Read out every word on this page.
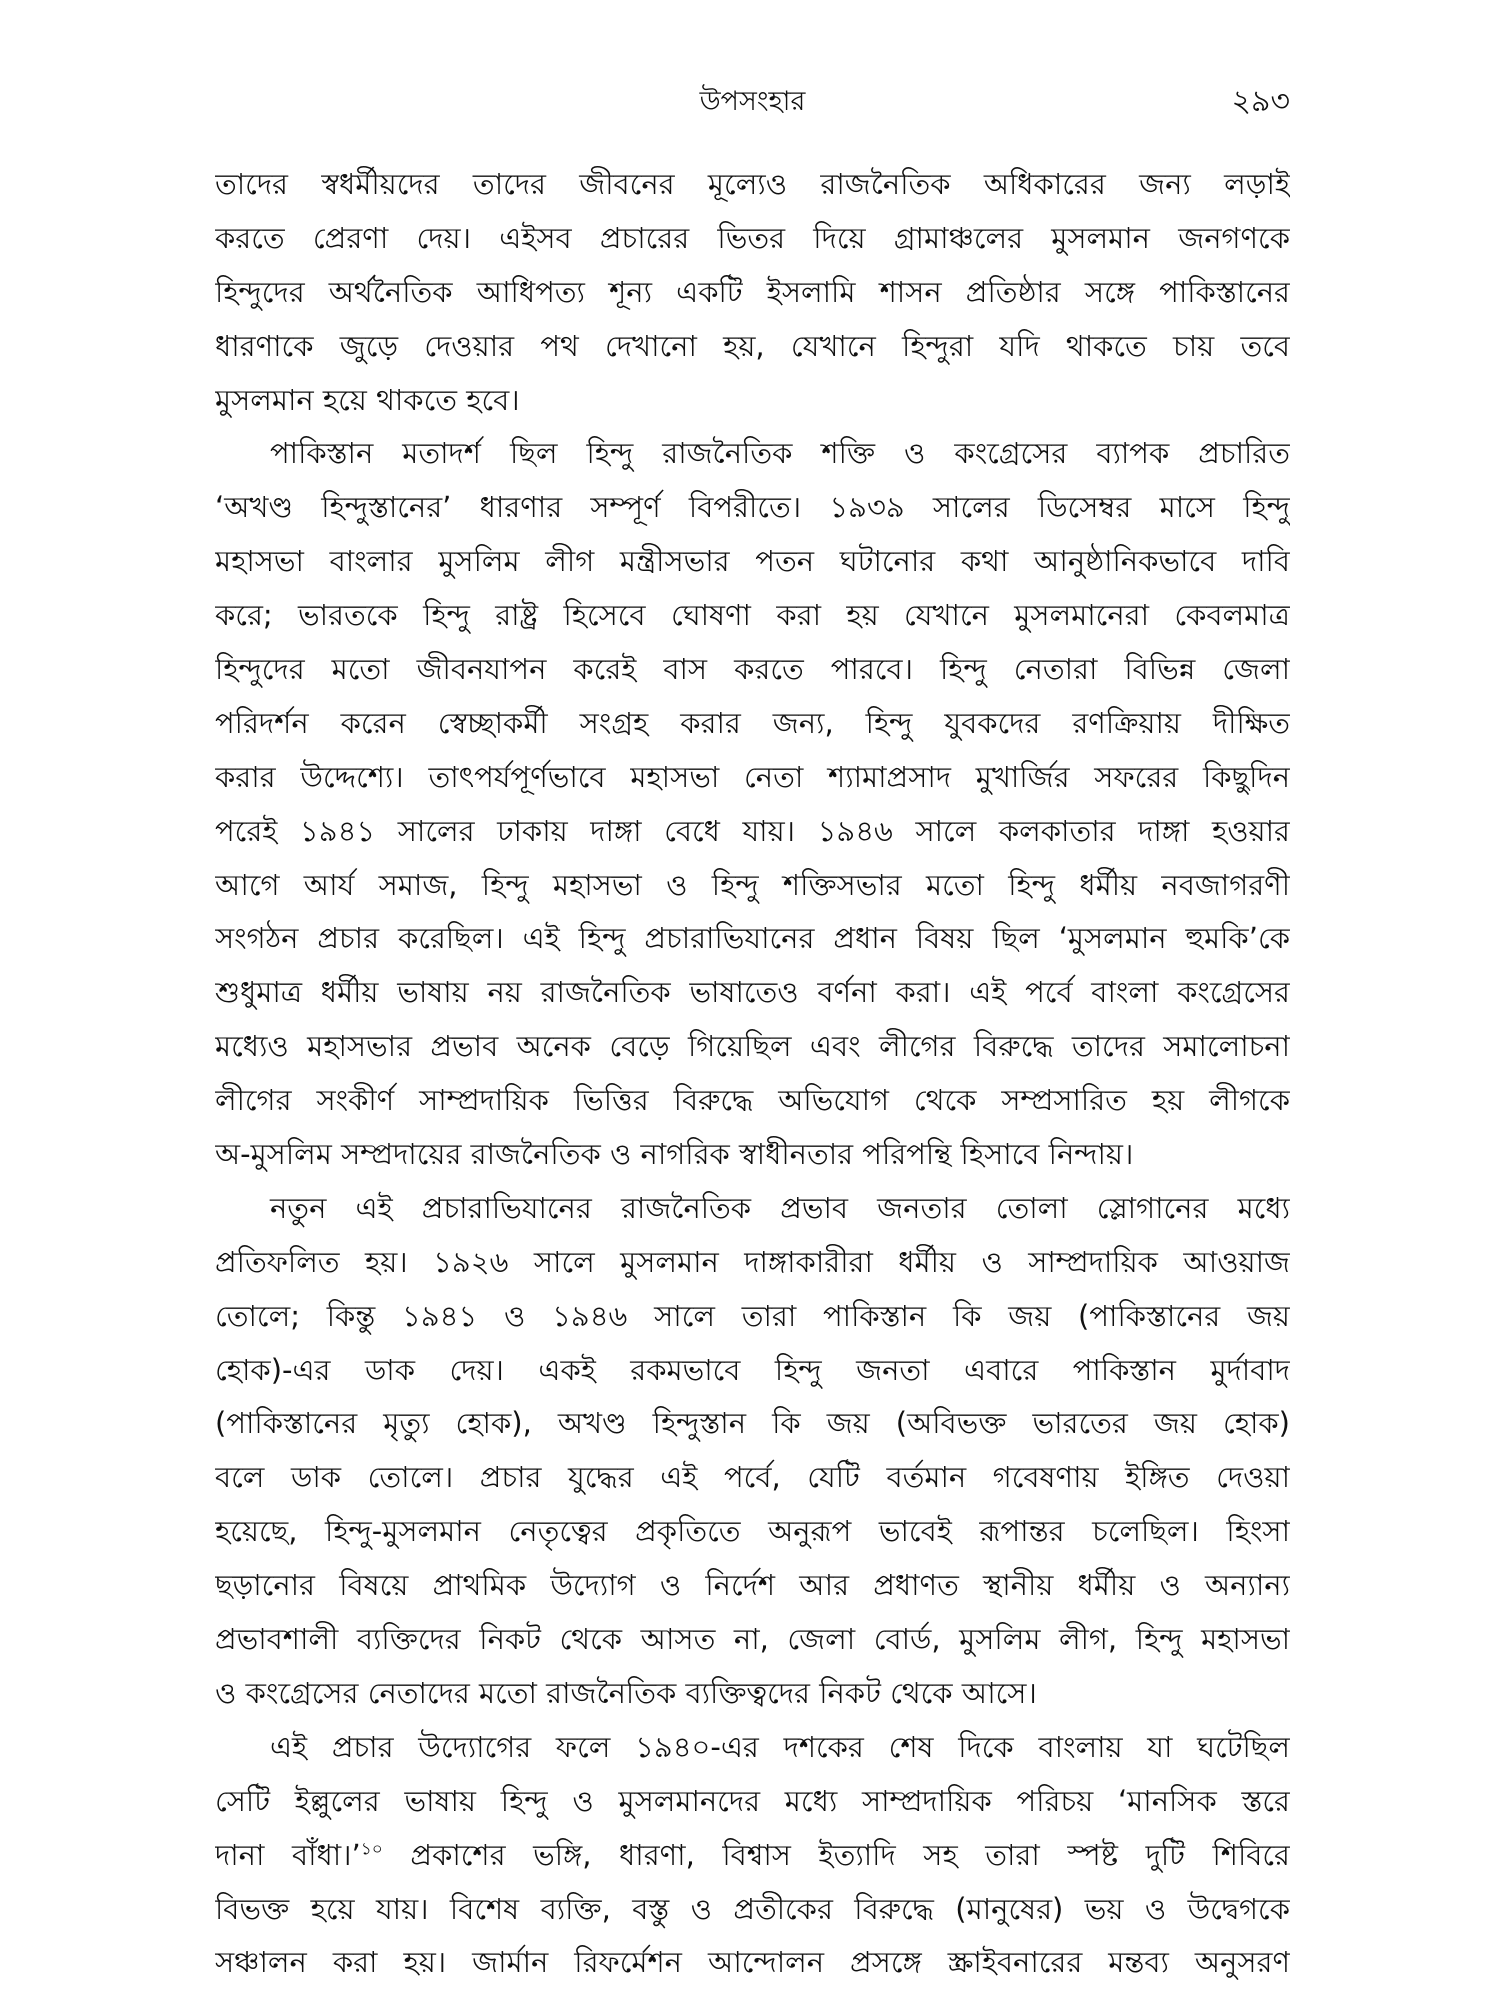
উপসংহার	২৯৩
তাদের স্বধর্মীয়দের তাদের জীবনের মূল্যেও রাজনৈতিক অধিকারের জন্য লড়াই
করতে প্রেরণা দেয়। এইসব প্রচারের ভিতর দিয়ে গ্রামাঞ্চলের মুসলমান জনগণকে
হিন্দুদের অর্থনৈতিক আধিপত্য শূন্য একটি ইসলামি শাসন প্রতিষ্ঠার সঙ্গে পাকিস্তানের
ধারণাকে জুড়ে দেওয়ার পথ দেখানো হয়, যেখানে হিন্দুরা যদি থাকতে চায় তবে
মুসলমান হয়ে থাকতে হবে।
পাকিস্তান মতাদর্শ ছিল হিন্দু রাজনৈতিক শক্তি ও কংগ্রেসের ব্যাপক প্রচারিত
‘অখণ্ড হিন্দুস্তানের’ ধারণার সম্পূর্ণ বিপরীতে। ১৯৩৯ সালের ডিসেম্বর মাসে হিন্দু
মহাসভা বাংলার মুসলিম লীগ মন্ত্রীসভার পতন ঘটানোর কথা আনুষ্ঠানিকভাবে দাবি
করে; ভারতকে হিন্দু রাষ্ট্র হিসেবে ঘোষণা করা হয় যেখানে মুসলমানেরা কেবলমাত্র
হিন্দুদের মতো জীবনযাপন করেই বাস করতে পারবে। হিন্দু নেতারা বিভিন্ন জেলা
পরিদর্শন করেন স্বেচ্ছাকর্মী সংগ্রহ করার জন্য, হিন্দু যুবকদের রণক্রিয়ায় দীক্ষিত
করার উদ্দেশ্যে। তাৎপর্যপূর্ণভাবে মহাসভা নেতা শ্যামাপ্রসাদ মুখার্জির সফরের কিছুদিন
পরেই ১৯৪১ সালের ঢাকায় দাঙ্গা বেধে যায়। ১৯৪৬ সালে কলকাতার দাঙ্গা হওয়ার
আগে আর্য সমাজ, হিন্দু মহাসভা ও হিন্দু শক্তিসভার মতো হিন্দু ধর্মীয় নবজাগরণী
সংগঠন প্রচার করেছিল। এই হিন্দু প্রচারাভিযানের প্রধান বিষয় ছিল ‘মুসলমান হুমকি’কে
শুধুমাত্র ধর্মীয় ভাষায় নয় রাজনৈতিক ভাষাতেও বর্ণনা করা। এই পর্বে বাংলা কংগ্রেসের
মধ্যেও মহাসভার প্রভাব অনেক বেড়ে গিয়েছিল এবং লীগের বিরুদ্ধে তাদের সমালোচনা
লীগের সংকীর্ণ সাম্প্রদায়িক ভিত্তির বিরুদ্ধে অভিযোগ থেকে সম্প্রসারিত হয় লীগকে
অ-মুসলিম সম্প্রদায়ের রাজনৈতিক ও নাগরিক স্বাধীনতার পরিপন্থি হিসাবে নিন্দায়।
নতুন এই প্রচারাভিযানের রাজনৈতিক প্রভাব জনতার তোলা স্লোগানের মধ্যে
প্রতিফলিত হয়। ১৯২৬ সালে মুসলমান দাঙ্গাকারীরা ধর্মীয় ও সাম্প্রদায়িক আওয়াজ
তোলে; কিন্তু ১৯৪১ ও ১৯৪৬ সালে তারা পাকিস্তান কি জয় (পাকিস্তানের জয়
হোক)-এর ডাক দেয়। একই রকমভাবে হিন্দু জনতা এবারে পাকিস্তান মুর্দাবাদ
(পাকিস্তানের মৃত্যু হোক), অখণ্ড হিন্দুস্তান কি জয় (অবিভক্ত ভারতের জয় হোক)
বলে ডাক তোলে। প্রচার যুদ্ধের এই পর্বে, যেটি বর্তমান গবেষণায় ইঙ্গিত দেওয়া
হয়েছে, হিন্দু-মুসলমান নেতৃত্বের প্রকৃতিতে অনুরূপ ভাবেই রূপান্তর চলেছিল। হিংসা
ছড়ানোর বিষয়ে প্রাথমিক উদ্যোগ ও নির্দেশ আর প্রধাণত স্থানীয় ধর্মীয় ও অন্যান্য
প্রভাবশালী ব্যক্তিদের নিকট থেকে আসত না, জেলা বোর্ড, মুসলিম লীগ, হিন্দু মহাসভা
ও কংগ্রেসের নেতাদের মতো রাজনৈতিক ব্যক্তিত্বদের নিকট থেকে আসে।
এই প্রচার উদ্যোগের ফলে ১৯৪০-এর দশকের শেষ দিকে বাংলায় যা ঘটেছিল
সেটি ইল্লুলের ভাষায় হিন্দু ও মুসলমানদের মধ্যে সাম্প্রদায়িক পরিচয় ‘মানসিক স্তরে
দানা বাঁধা।’$^{১০}$ প্রকাশের ভঙ্গি, ধারণা, বিশ্বাস ইত্যাদি সহ তারা স্পষ্ট দুটি শিবিরে
বিভক্ত হয়ে যায়। বিশেষ ব্যক্তি, বস্তু ও প্রতীকের বিরুদ্ধে (মানুষের) ভয় ও উদ্বেগকে
সঞ্চালন করা হয়। জার্মান রিফর্মেশন আন্দোলন প্রসঙ্গে স্ক্রাইবনারের মন্তব্য অনুসরণ
